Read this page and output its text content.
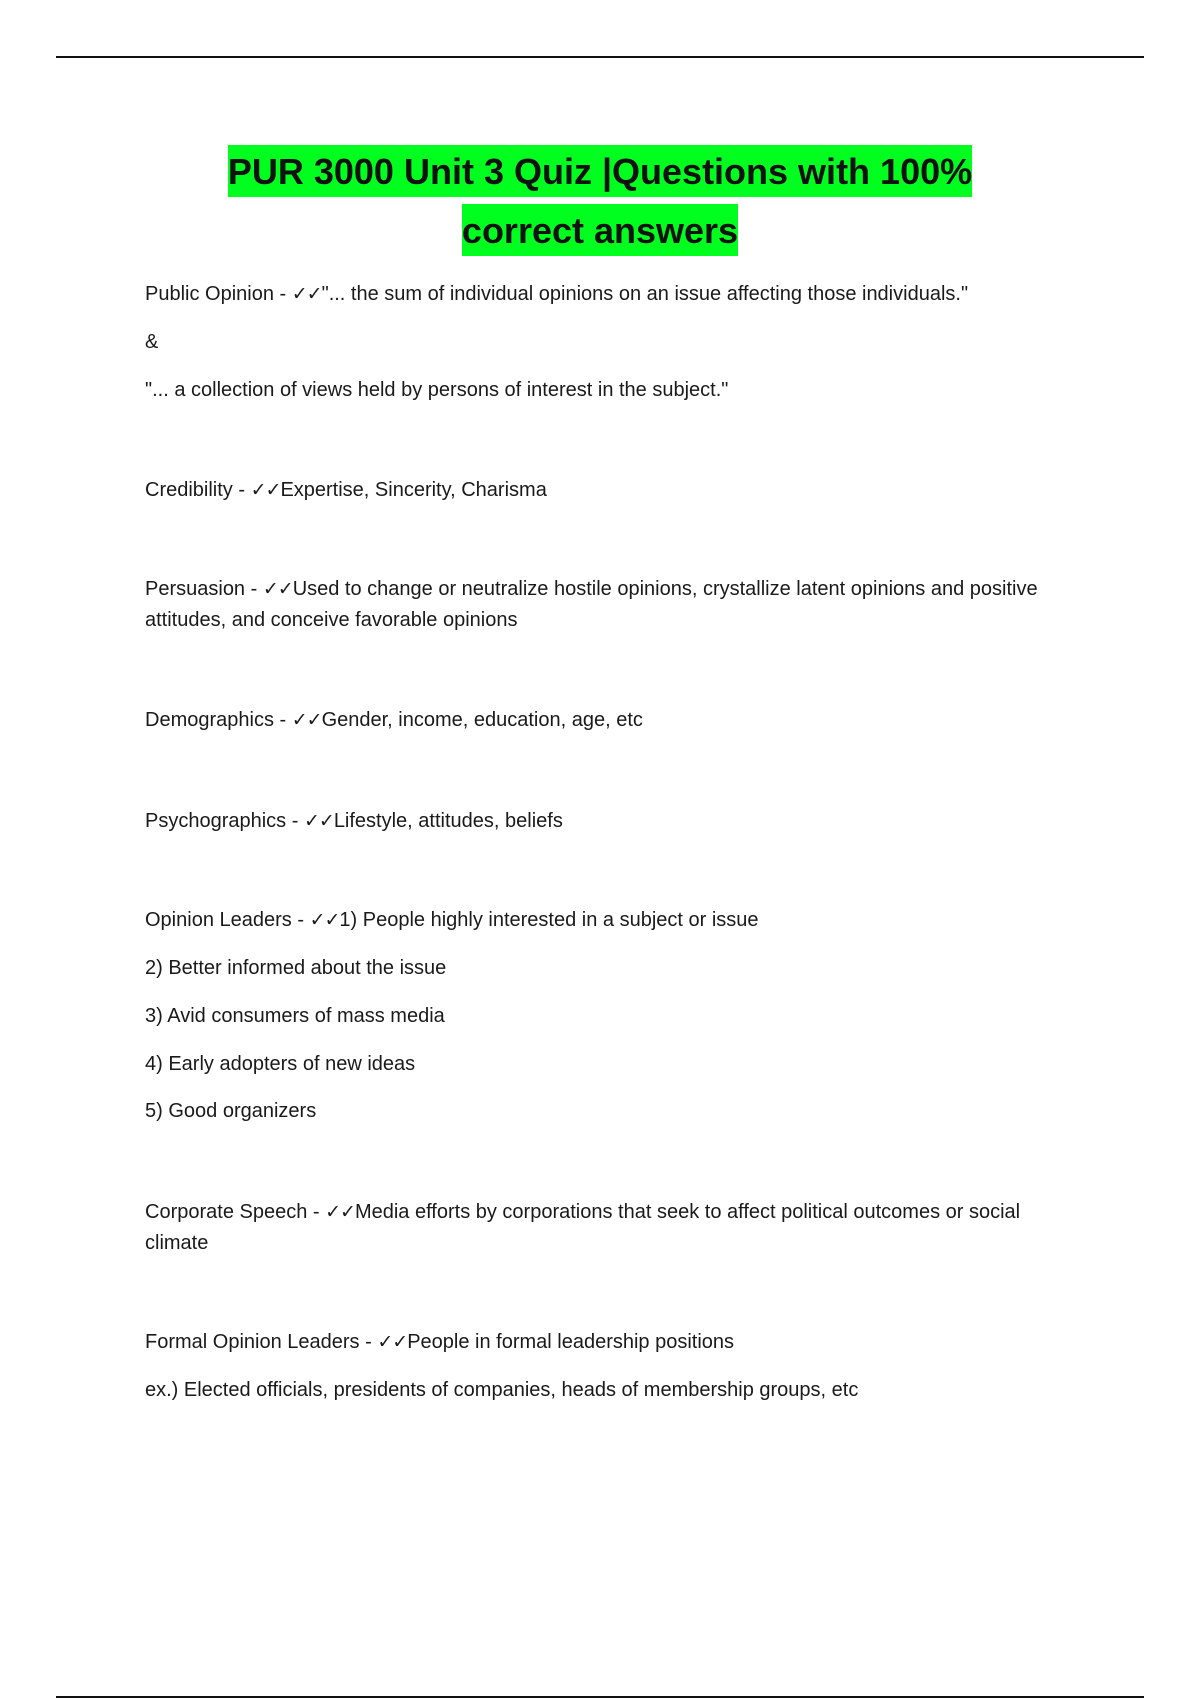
PUR 3000 Unit 3 Quiz |Questions with 100%
correct answers

Public Opinion - ✓✓"... the sum of individual opinions on an issue affecting those individuals."

&

"... a collection of views held by persons of interest in the subject."

Credibility - ✓✓Expertise, Sincerity, Charisma

Persuasion - ✓✓Used to change or neutralize hostile opinions, crystallize latent opinions and positive attitudes, and conceive favorable opinions

Demographics - ✓✓Gender, income, education, age, etc

Psychographics - ✓✓Lifestyle, attitudes, beliefs

Opinion Leaders - ✓✓1) People highly interested in a subject or issue

2) Better informed about the issue

3) Avid consumers of mass media

4) Early adopters of new ideas

5) Good organizers

Corporate Speech - ✓✓Media efforts by corporations that seek to affect political outcomes or social climate

Formal Opinion Leaders - ✓✓People in formal leadership positions

ex.) Elected officials, presidents of companies, heads of membership groups, etc
